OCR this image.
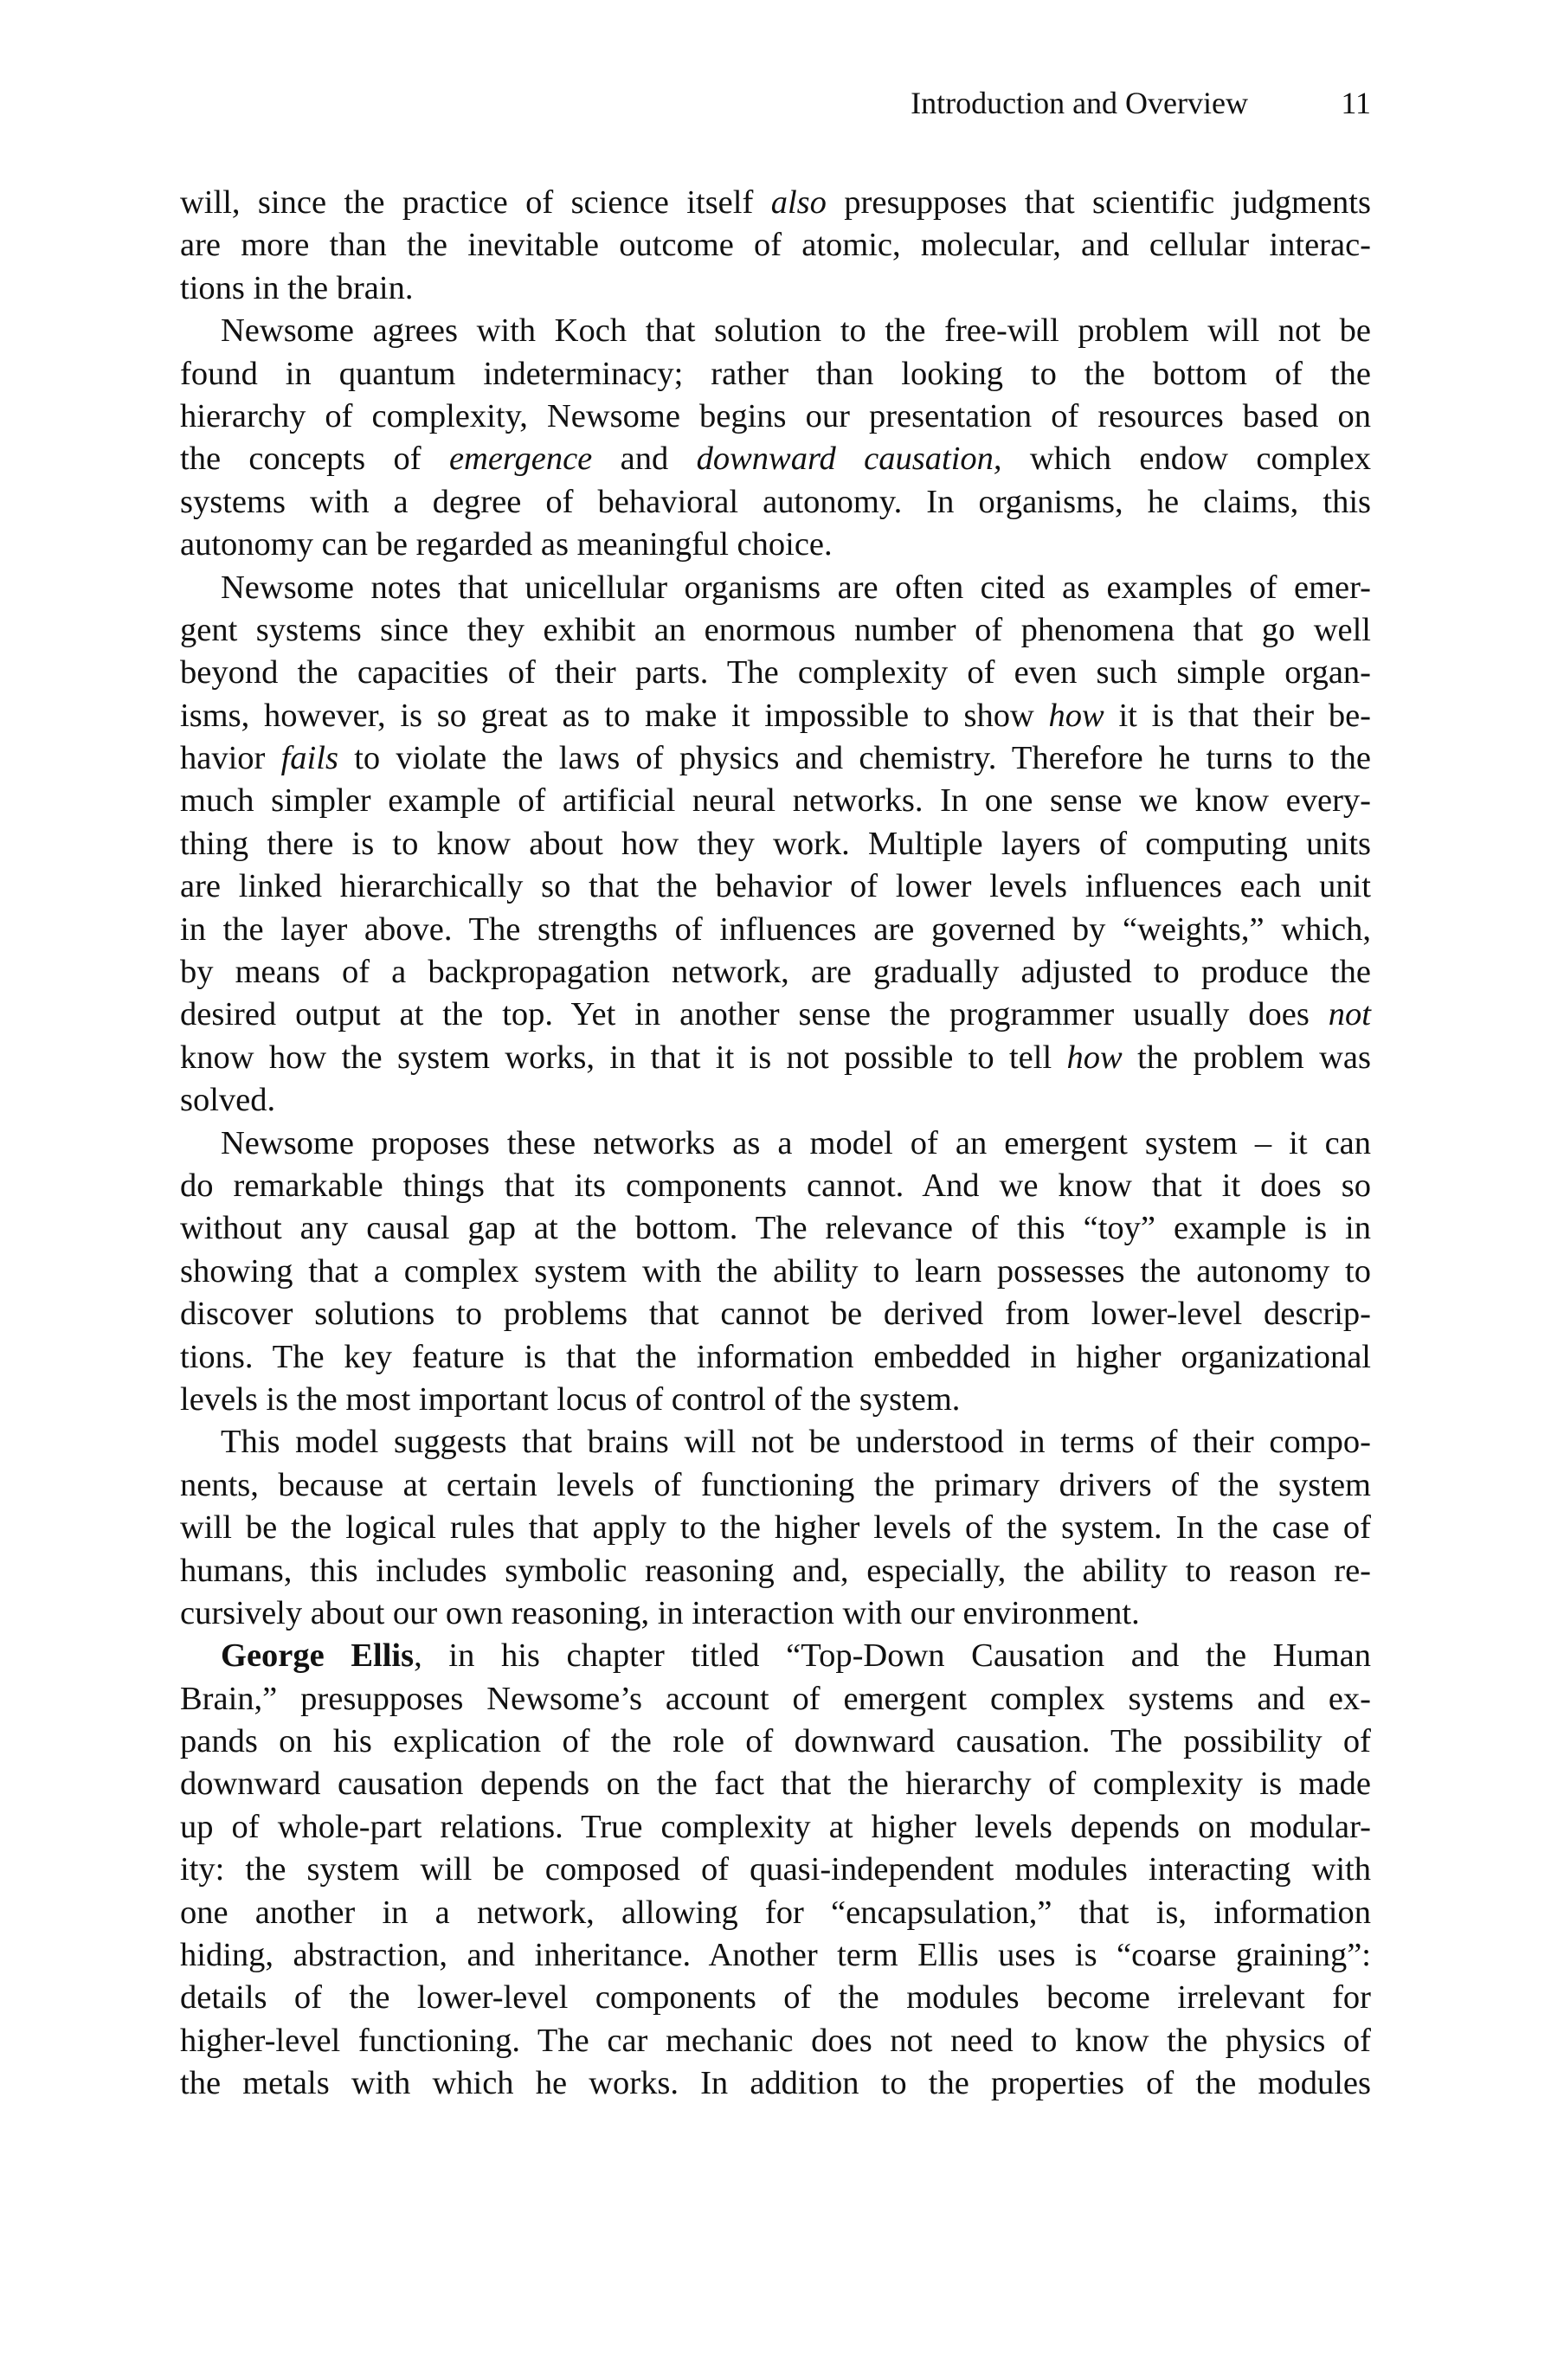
Introduction and Overview	11
will, since the practice of science itself also presupposes that scientific judgments
are more than the inevitable outcome of atomic, molecular, and cellular interac-
tions in the brain.
Newsome agrees with Koch that solution to the free-will problem will not be
found in quantum indeterminacy; rather than looking to the bottom of the
hierarchy of complexity, Newsome begins our presentation of resources based on
the concepts of emergence and downward causation, which endow complex
systems with a degree of behavioral autonomy. In organisms, he claims, this
autonomy can be regarded as meaningful choice.
Newsome notes that unicellular organisms are often cited as examples of emer-
gent systems since they exhibit an enormous number of phenomena that go well
beyond the capacities of their parts. The complexity of even such simple organ-
isms, however, is so great as to make it impossible to show how it is that their be-
havior fails to violate the laws of physics and chemistry. Therefore he turns to the
much simpler example of artificial neural networks. In one sense we know every-
thing there is to know about how they work. Multiple layers of computing units
are linked hierarchically so that the behavior of lower levels influences each unit
in the layer above. The strengths of influences are governed by “weights,” which,
by means of a backpropagation network, are gradually adjusted to produce the
desired output at the top. Yet in another sense the programmer usually does not
know how the system works, in that it is not possible to tell how the problem was
solved.
Newsome proposes these networks as a model of an emergent system – it can
do remarkable things that its components cannot. And we know that it does so
without any causal gap at the bottom. The relevance of this “toy” example is in
showing that a complex system with the ability to learn possesses the autonomy to
discover solutions to problems that cannot be derived from lower-level descrip-
tions. The key feature is that the information embedded in higher organizational
levels is the most important locus of control of the system.
This model suggests that brains will not be understood in terms of their compo-
nents, because at certain levels of functioning the primary drivers of the system
will be the logical rules that apply to the higher levels of the system. In the case of
humans, this includes symbolic reasoning and, especially, the ability to reason re-
cursively about our own reasoning, in interaction with our environment.
George Ellis, in his chapter titled “Top-Down Causation and the Human
Brain,” presupposes Newsome’s account of emergent complex systems and ex-
pands on his explication of the role of downward causation. The possibility of
downward causation depends on the fact that the hierarchy of complexity is made
up of whole-part relations. True complexity at higher levels depends on modular-
ity: the system will be composed of quasi-independent modules interacting with
one another in a network, allowing for “encapsulation,” that is, information
hiding, abstraction, and inheritance. Another term Ellis uses is “coarse graining”:
details of the lower-level components of the modules become irrelevant for
higher-level functioning. The car mechanic does not need to know the physics of
the metals with which he works. In addition to the properties of the modules
